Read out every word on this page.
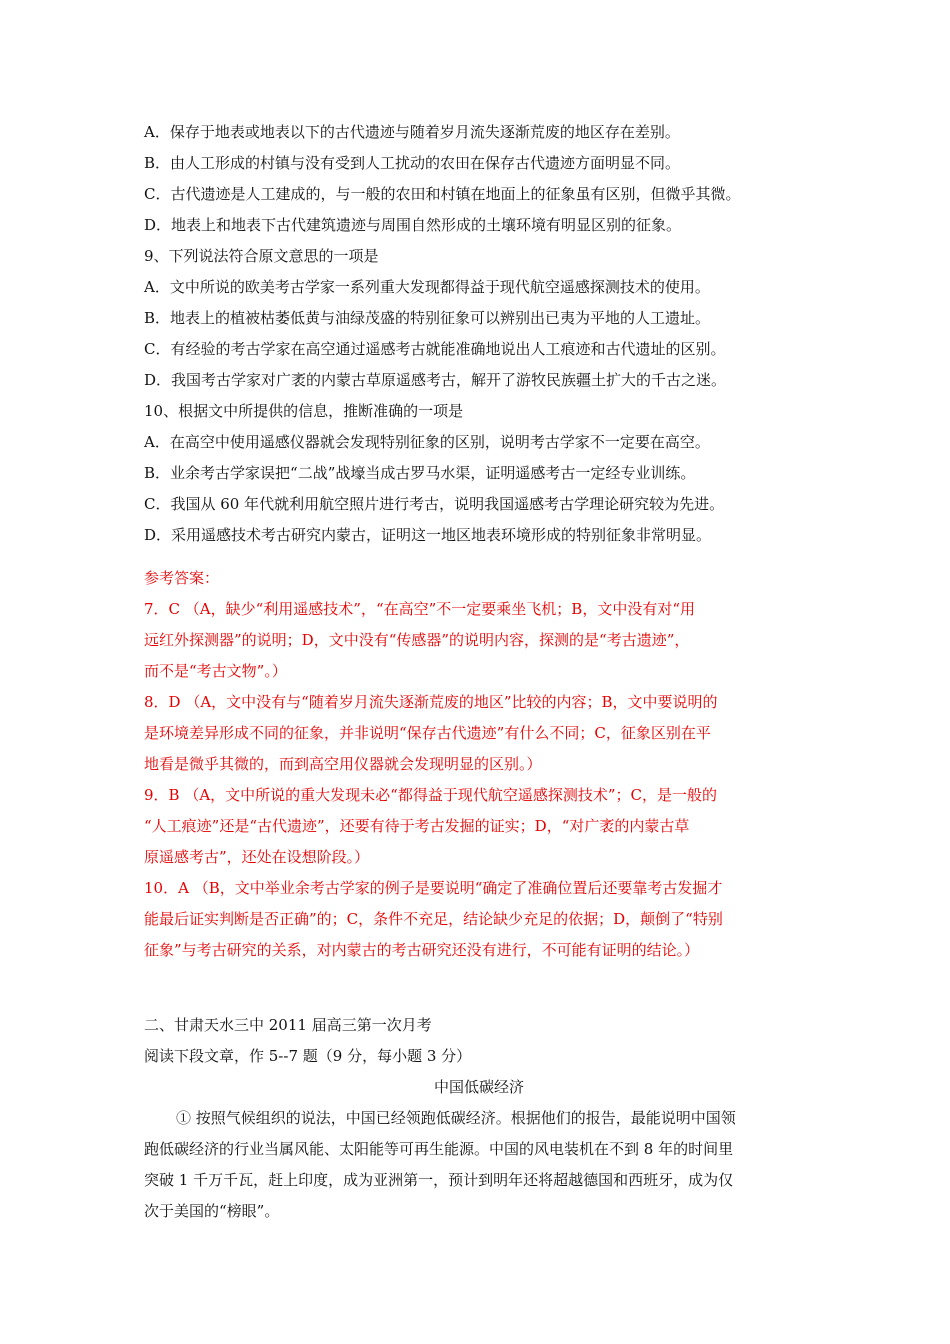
A．保存于地表或地表以下的古代遗迹与随着岁月流失逐渐荒废的地区存在差别。
B．由人工形成的村镇与没有受到人工扰动的农田在保存古代遗迹方面明显不同。
C．古代遗迹是人工建成的，与一般的农田和村镇在地面上的征象虽有区别，但微乎其微。
D．地表上和地表下古代建筑遗迹与周围自然形成的土壤环境有明显区别的征象。
9、下列说法符合原文意思的一项是
A．文中所说的欧美考古学家一系列重大发现都得益于现代航空遥感探测技术的使用。
B．地表上的植被枯萎低黄与油绿茂盛的特别征象可以辨别出已夷为平地的人工遗址。
C．有经验的考古学家在高空通过遥感考古就能准确地说出人工痕迹和古代遗址的区别。
D．我国考古学家对广袤的内蒙古草原遥感考古，解开了游牧民族疆土扩大的千古之迷。
10、根据文中所提供的信息，推断准确的一项是
A．在高空中使用遥感仪器就会发现特别征象的区别，说明考古学家不一定要在高空。
B．业余考古学家误把“二战”战壕当成古罗马水渠，证明遥感考古一定经专业训练。
C．我国从 60 年代就利用航空照片进行考古，说明我国遥感考古学理论研究较为先进。
D．采用遥感技术考古研究内蒙古，证明这一地区地表环境形成的特别征象非常明显。
参考答案：
7．C （A，缺少“利用遥感技术”，“在高空”不一定要乘坐飞机；B，文中没有对“用
远红外探测器”的说明；D，文中没有“传感器”的说明内容，探测的是“考古遗迹”，
而不是“考古文物”。）
8．D （A，文中没有与“随着岁月流失逐渐荒废的地区”比较的内容；B，文中要说明的
是环境差异形成不同的征象，并非说明“保存古代遗迹”有什么不同；C，征象区别在平
地看是微乎其微的，而到高空用仪器就会发现明显的区别。）
9．B （A，文中所说的重大发现未必“都得益于现代航空遥感探测技术”；C，是一般的
“人工痕迹”还是“古代遗迹”，还要有待于考古发掘的证实；D，“对广袤的内蒙古草
原遥感考古”，还处在设想阶段。）
10．A （B，文中举业余考古学家的例子是要说明“确定了准确位置后还要靠考古发掘才
能最后证实判断是否正确”的；C，条件不充足，结论缺少充足的依据；D，颠倒了“特别
征象”与考古研究的关系，对内蒙古的考古研究还没有进行，不可能有证明的结论。）
二、甘肃天水三中 2011 届高三第一次月考
阅读下段文章，作 5--7 题（9 分，每小题 3 分）
中国低碳经济
① 按照气候组织的说法，中国已经领跑低碳经济。根据他们的报告，最能说明中国领
跑低碳经济的行业当属风能、太阳能等可再生能源。中国的风电装机在不到 8 年的时间里
突破 1 千万千瓦，赶上印度，成为亚洲第一，预计到明年还将超越德国和西班牙，成为仅
次于美国的“榜眼”。
